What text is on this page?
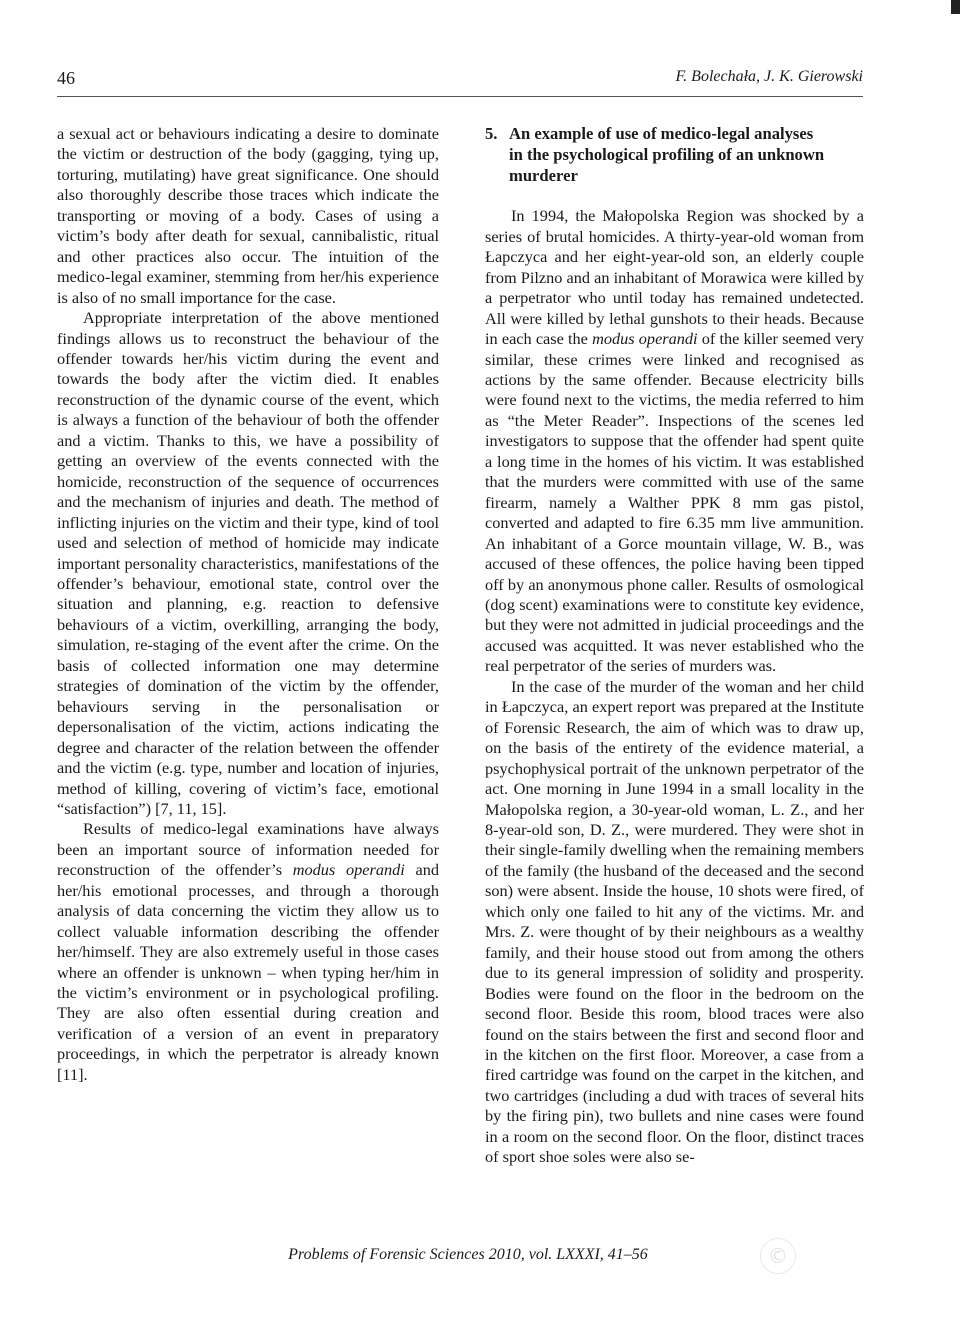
46	F. Bolechała, J. K. Gierowski

a sexual act or behaviours indicating a desire to dominate the victim or destruction of the body (gagging, tying up, torturing, mutilating) have great significance. One should also thoroughly describe those traces which indicate the transporting or moving of a body. Cases of using a victim’s body after death for sexual, cannibalistic, ritual and other practices also occur. The intuition of the medico-legal examiner, stemming from her/his experience is also of no small importance for the case.

Appropriate interpretation of the above mentioned findings allows us to reconstruct the behaviour of the offender towards her/his victim during the event and towards the body after the victim died. It enables reconstruction of the dynamic course of the event, which is always a function of the behaviour of both the offender and a victim. Thanks to this, we have a possibility of getting an overview of the events connected with the homicide, reconstruction of the sequence of occurrences and the mechanism of injuries and death. The method of inflicting injuries on the victim and their type, kind of tool used and selection of method of homicide may indicate important personality characteristics, manifestations of the offender’s behaviour, emotional state, control over the situation and planning, e.g. reaction to defensive behaviours of a victim, overkilling, arranging the body, simulation, re-staging of the event after the crime. On the basis of collected information one may determine strategies of domination of the victim by the offender, behaviours serving in the personalisation or depersonalisation of the victim, actions indicating the degree and character of the relation between the offender and the victim (e.g. type, number and location of injuries, method of killing, covering of victim’s face, emotional “satisfaction”) [7, 11, 15].

Results of medico-legal examinations have always been an important source of information needed for reconstruction of the offender’s modus operandi and her/his emotional processes, and through a thorough analysis of data concerning the victim they allow us to collect valuable information describing the offender her/himself. They are also extremely useful in those cases where an offender is unknown – when typing her/him in the victim’s environment or in psychological profiling. They are also often essential during creation and verification of a version of an event in preparatory proceedings, in which the perpetrator is already known [11].

5. An example of use of medico-legal analyses
in the psychological profiling of an unknown
murderer

In 1994, the Małopolska Region was shocked by a series of brutal homicides. A thirty-year-old woman from Łapczyca and her eight-year-old son, an elderly couple from Pilzno and an inhabitant of Morawica were killed by a perpetrator who until today has remained undetected. All were killed by lethal gunshots to their heads. Because in each case the modus operandi of the killer seemed very similar, these crimes were linked and recognised as actions by the same offender. Because electricity bills were found next to the victims, the media referred to him as “the Meter Reader”. Inspections of the scenes led investigators to suppose that the offender had spent quite a long time in the homes of his victim. It was established that the murders were committed with use of the same firearm, namely a Walther PPK 8 mm gas pistol, converted and adapted to fire 6.35 mm live ammunition. An inhabitant of a Gorce mountain village, W. B., was accused of these offences, the police having been tipped off by an anonymous phone caller. Results of osmological (dog scent) examinations were to constitute key evidence, but they were not admitted in judicial proceedings and the accused was acquitted. It was never established who the real perpetrator of the series of murders was.

In the case of the murder of the woman and her child in Łapczyca, an expert report was prepared at the Institute of Forensic Research, the aim of which was to draw up, on the basis of the entirety of the evidence material, a psychophysical portrait of the unknown perpetrator of the act. One morning in June 1994 in a small locality in the Małopolska region, a 30-year-old woman, L. Z., and her 8-year-old son, D. Z., were murdered. They were shot in their single-family dwelling when the remaining members of the family (the husband of the deceased and the second son) were absent. Inside the house, 10 shots were fired, of which only one failed to hit any of the victims. Mr. and Mrs. Z. were thought of by their neighbours as a wealthy family, and their house stood out from among the others due to its general impression of solidity and prosperity. Bodies were found on the floor in the bedroom on the second floor. Beside this room, blood traces were also found on the stairs between the first and second floor and in the kitchen on the first floor. Moreover, a case from a fired cartridge was found on the carpet in the kitchen, and two cartridges (including a dud with traces of several hits by the firing pin), two bullets and nine cases were found in a room on the second floor. On the floor, distinct traces of sport shoe soles were also se-

Problems of Forensic Sciences 2010, vol. LXXXI, 41–56	©
